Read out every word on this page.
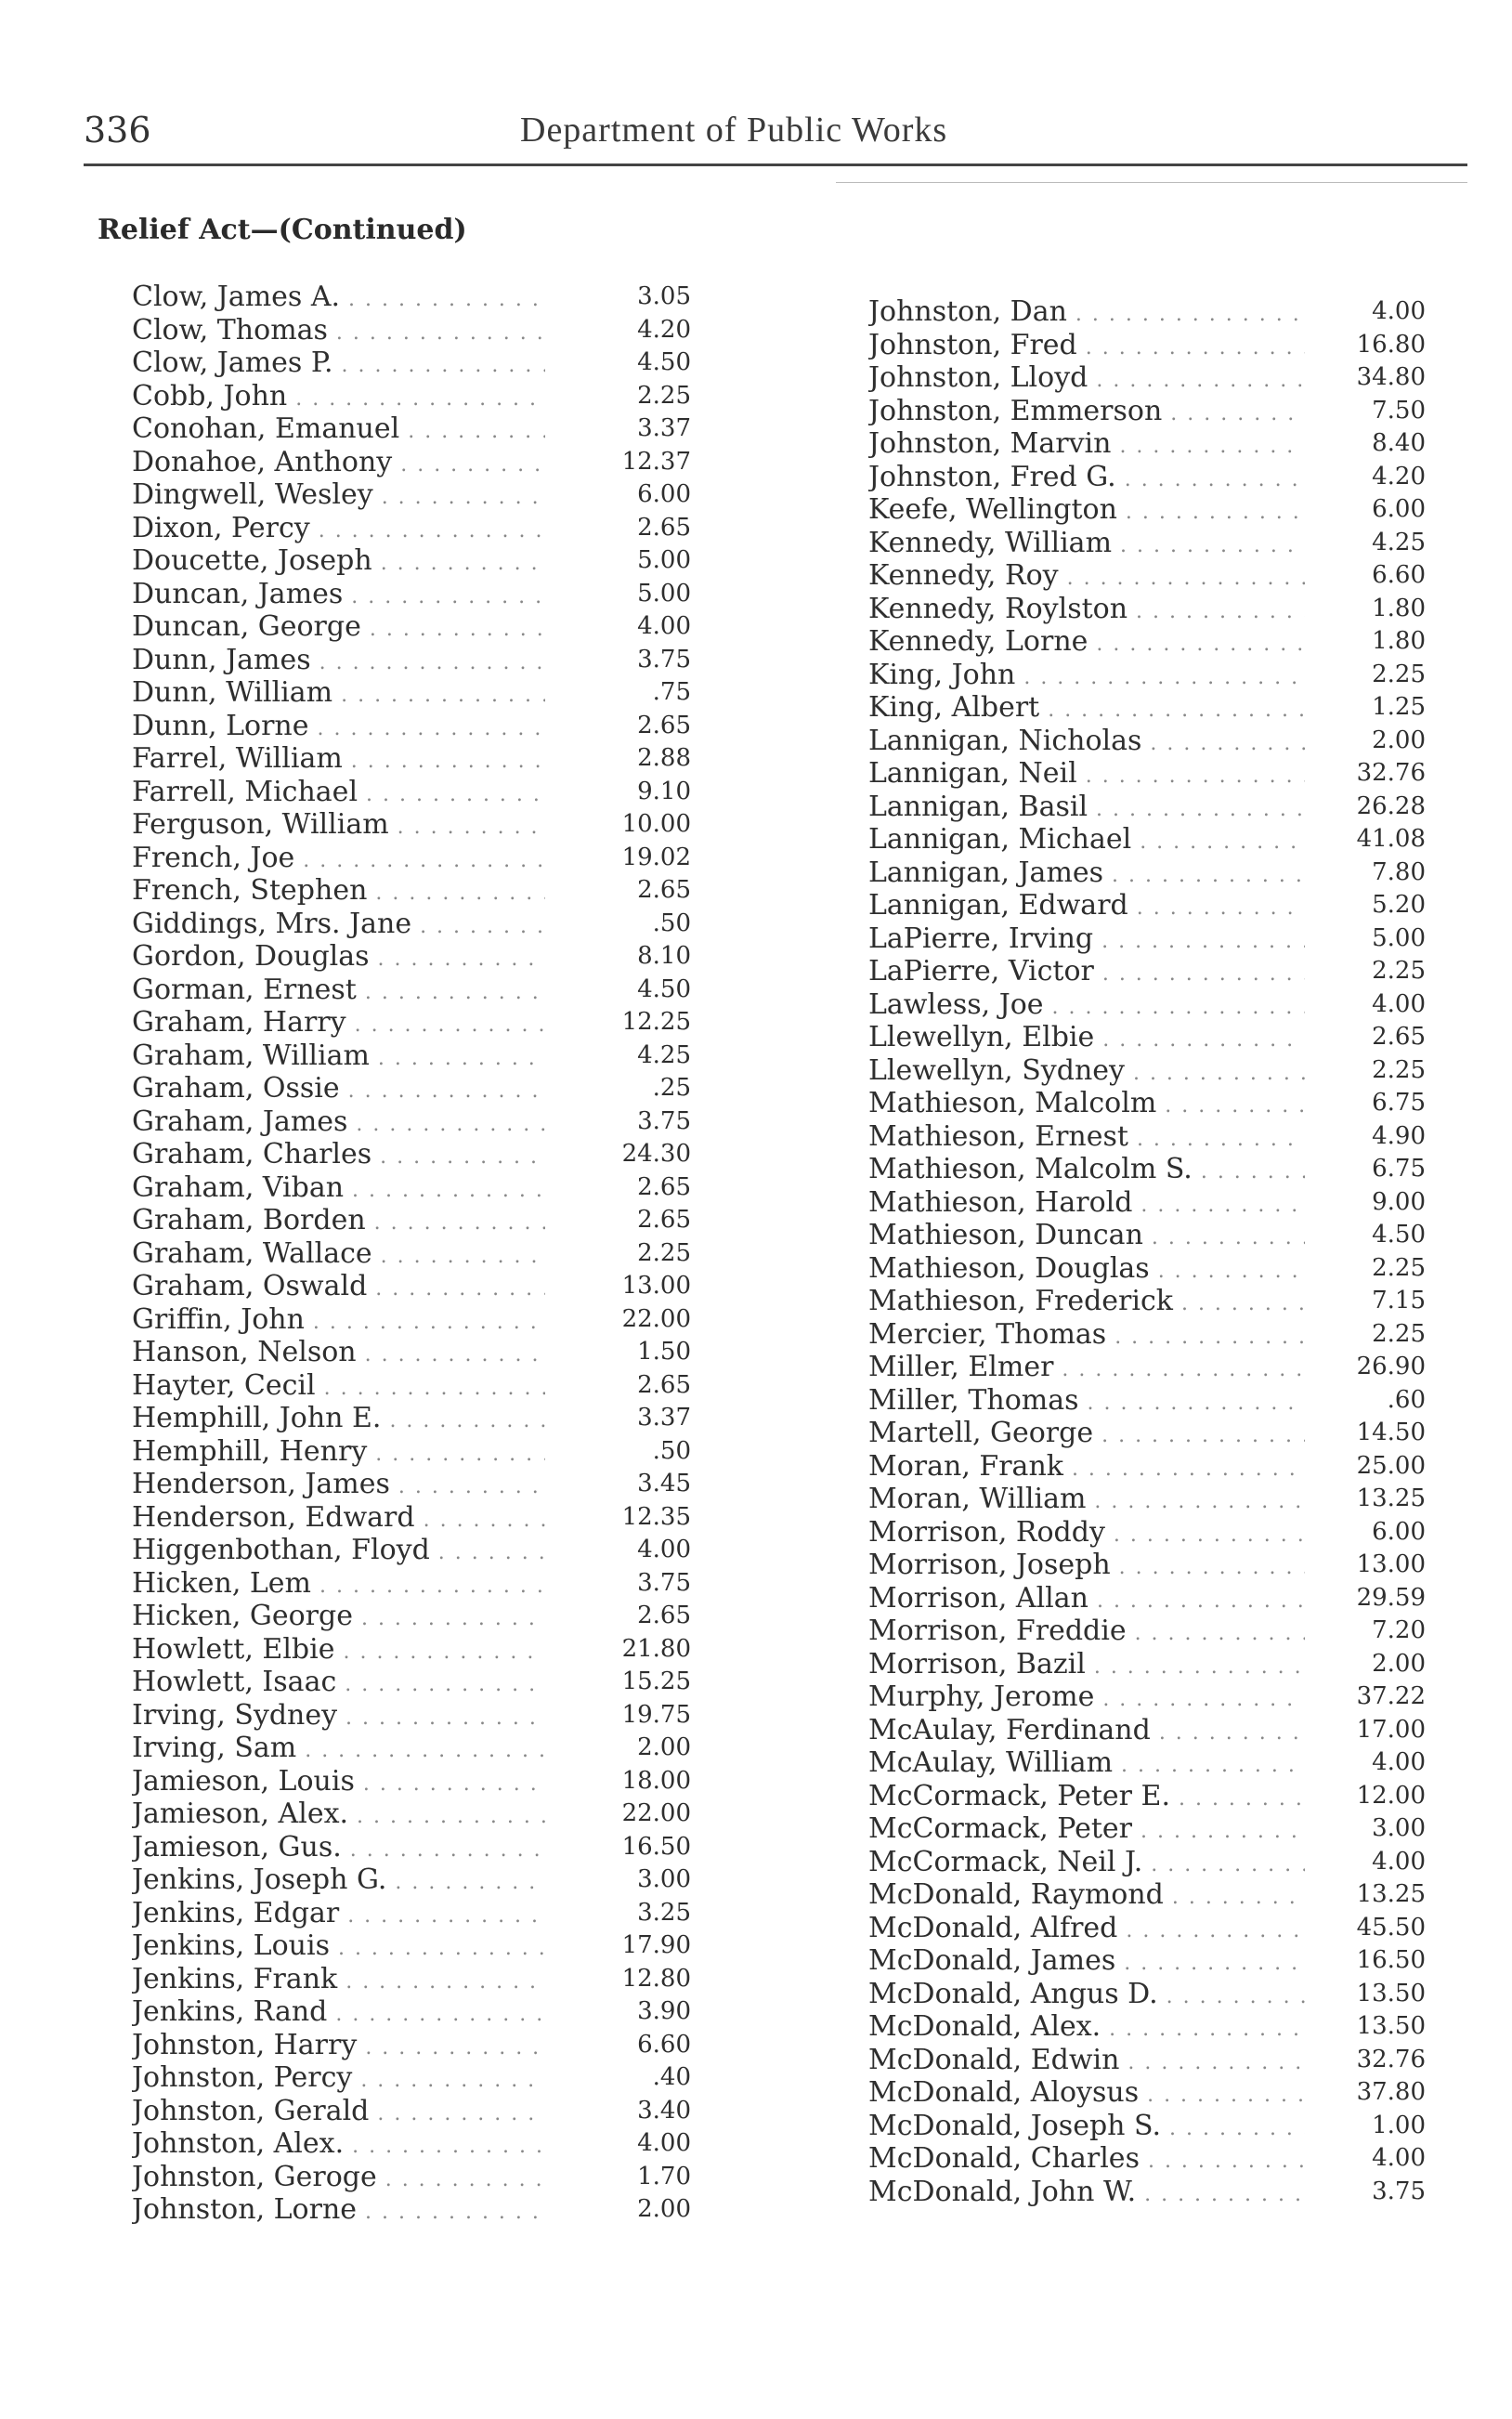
336	Department of Public Works
Relief Act—(Continued)
Clow, James A. . . .	3.05
Clow, Thomas . . .	4.20
Clow, James P. . . .	4.50
Cobb, John . . .	2.25
Conohan, Emanuel . . .	3.37
Donahoe, Anthony . . .	12.37
Dingwell, Wesley . . .	6.00
Dixon, Percy . . .	2.65
Doucette, Joseph . . .	5.00
Duncan, James . . .	5.00
Duncan, George . . .	4.00
Dunn, James . . .	3.75
Dunn, William . . .	.75
Dunn, Lorne . . .	2.65
Farrel, William . . .	2.88
Farrell, Michael . . .	9.10
Ferguson, William . . .	10.00
French, Joe . . .	19.02
French, Stephen . . .	2.65
Giddings, Mrs. Jane . . .	.50
Gordon, Douglas . . .	8.10
Gorman, Ernest . . .	4.50
Graham, Harry . . .	12.25
Graham, William . . .	4.25
Graham, Ossie . . .	.25
Graham, James . . .	3.75
Graham, Charles . . .	24.30
Graham, Viban . . .	2.65
Graham, Borden . . .	2.65
Graham, Wallace . . .	2.25
Graham, Oswald . . .	13.00
Griffin, John . . .	22.00
Hanson, Nelson . . .	1.50
Hayter, Cecil . . .	2.65
Hemphill, John E. . . .	3.37
Hemphill, Henry . . .	.50
Henderson, James . . .	3.45
Henderson, Edward . . .	12.35
Higgenbothan, Floyd . . .	4.00
Hicken, Lem . . .	3.75
Hicken, George . . .	2.65
Howlett, Elbie . . .	21.80
Howlett, Isaac . . .	15.25
Irving, Sydney . . .	19.75
Irving, Sam . . .	2.00
Jamieson, Louis . . .	18.00
Jamieson, Alex. . . .	22.00
Jamieson, Gus. . . .	16.50
Jenkins, Joseph G. . . .	3.00
Jenkins, Edgar . . .	3.25
Jenkins, Louis . . .	17.90
Jenkins, Frank . . .	12.80
Jenkins, Rand . . .	3.90
Johnston, Harry . . .	6.60
Johnston, Percy . . .	.40
Johnston, Gerald . . .	3.40
Johnston, Alex. . . .	4.00
Johnston, Geroge . . .	1.70
Johnston, Lorne . . .	2.00
Johnston, Dan . . .	4.00
Johnston, Fred . . .	16.80
Johnston, Lloyd . . .	34.80
Johnston, Emmerson . . .	7.50
Johnston, Marvin . . .	8.40
Johnston, Fred G. . . .	4.20
Keefe, Wellington . . .	6.00
Kennedy, William . . .	4.25
Kennedy, Roy . . .	6.60
Kennedy, Roylston . . .	1.80
Kennedy, Lorne . . .	1.80
King, John . . .	2.25
King, Albert . . .	1.25
Lannigan, Nicholas . . .	2.00
Lannigan, Neil . . .	32.76
Lannigan, Basil . . .	26.28
Lannigan, Michael . . .	41.08
Lannigan, James . . .	7.80
Lannigan, Edward . . .	5.20
LaPierre, Irving . . .	5.00
LaPierre, Victor . . .	2.25
Lawless, Joe . . .	4.00
Llewellyn, Elbie . . .	2.65
Llewellyn, Sydney . . .	2.25
Mathieson, Malcolm . . .	6.75
Mathieson, Ernest . . .	4.90
Mathieson, Malcolm S. . . .	6.75
Mathieson, Harold . . .	9.00
Mathieson, Duncan . . .	4.50
Mathieson, Douglas . . .	2.25
Mathieson, Frederick . . .	7.15
Mercier, Thomas . . .	2.25
Miller, Elmer . . .	26.90
Miller, Thomas . . .	.60
Martell, George . . .	14.50
Moran, Frank . . .	25.00
Moran, William . . .	13.25
Morrison, Roddy . . .	6.00
Morrison, Joseph . . .	13.00
Morrison, Allan . . .	29.59
Morrison, Freddie . . .	7.20
Morrison, Bazil . . .	2.00
Murphy, Jerome . . .	37.22
McAulay, Ferdinand . . .	17.00
McAulay, William . . .	4.00
McCormack, Peter E. . . .	12.00
McCormack, Peter . . .	3.00
McCormack, Neil J. . . .	4.00
McDonald, Raymond . . .	13.25
McDonald, Alfred . . .	45.50
McDonald, James . . .	16.50
McDonald, Angus D. . . .	13.50
McDonald, Alex. . . .	13.50
McDonald, Edwin . . .	32.76
McDonald, Aloysus . . .	37.80
McDonald, Joseph S. . . .	1.00
McDonald, Charles . . .	4.00
McDonald, John W. . . .	3.75
